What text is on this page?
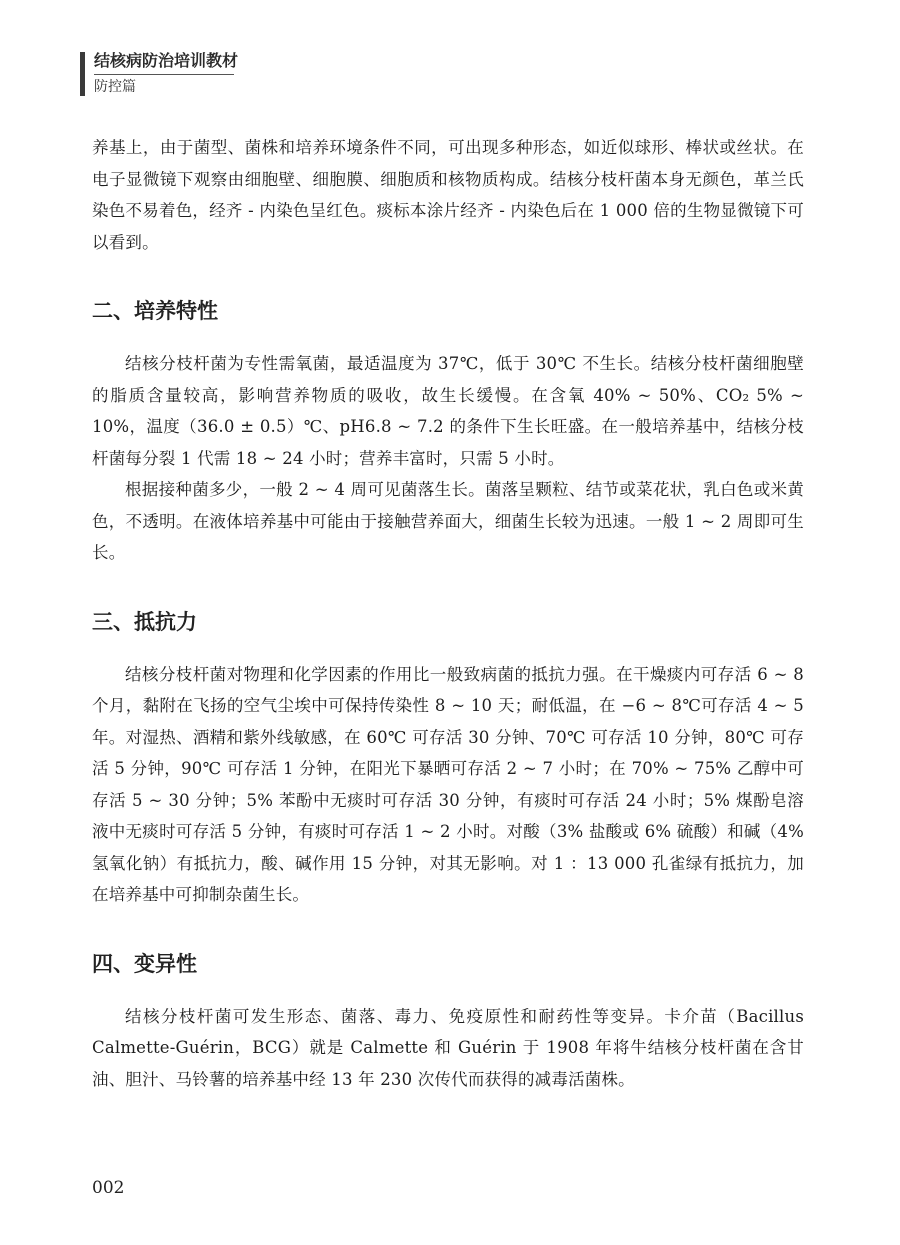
结核病防治培训教材
防控篇

养基上，由于菌型、菌株和培养环境条件不同，可出现多种形态，如近似球形、棒状或丝状。在电子显微镜下观察由细胞壁、细胞膜、细胞质和核物质构成。结核分枝杆菌本身无颜色，革兰氏染色不易着色，经齐 - 内染色呈红色。痰标本涂片经齐 - 内染色后在 1 000 倍的生物显微镜下可以看到。

二、培养特性

结核分枝杆菌为专性需氧菌，最适温度为 37℃，低于 30℃ 不生长。结核分枝杆菌细胞壁的脂质含量较高，影响营养物质的吸收，故生长缓慢。在含氧 40% ~ 50%、CO₂ 5% ~ 10%，温度（36.0 ± 0.5）℃、pH6.8 ~ 7.2 的条件下生长旺盛。在一般培养基中，结核分枝杆菌每分裂 1 代需 18 ~ 24 小时；营养丰富时，只需 5 小时。

根据接种菌多少，一般 2 ~ 4 周可见菌落生长。菌落呈颗粒、结节或菜花状，乳白色或米黄色，不透明。在液体培养基中可能由于接触营养面大，细菌生长较为迅速。一般 1 ~ 2 周即可生长。

三、抵抗力

结核分枝杆菌对物理和化学因素的作用比一般致病菌的抵抗力强。在干燥痰内可存活 6 ~ 8 个月，黏附在飞扬的空气尘埃中可保持传染性 8 ~ 10 天；耐低温，在 −6 ~ 8℃可存活 4 ~ 5 年。对湿热、酒精和紫外线敏感，在 60℃ 可存活 30 分钟、70℃ 可存活 10 分钟，80℃ 可存活 5 分钟，90℃ 可存活 1 分钟，在阳光下暴晒可存活 2 ~ 7 小时；在 70% ~ 75% 乙醇中可存活 5 ~ 30 分钟；5% 苯酚中无痰时可存活 30 分钟，有痰时可存活 24 小时；5% 煤酚皂溶液中无痰时可存活 5 分钟，有痰时可存活 1 ~ 2 小时。对酸（3% 盐酸或 6% 硫酸）和碱（4% 氢氧化钠）有抵抗力，酸、碱作用 15 分钟，对其无影响。对 1 ：13 000 孔雀绿有抵抗力，加在培养基中可抑制杂菌生长。

四、变异性

结核分枝杆菌可发生形态、菌落、毒力、免疫原性和耐药性等变异。卡介苗（Bacillus Calmette-Guérin，BCG）就是 Calmette 和 Guérin 于 1908 年将牛结核分枝杆菌在含甘油、胆汁、马铃薯的培养基中经 13 年 230 次传代而获得的减毒活菌株。

002
